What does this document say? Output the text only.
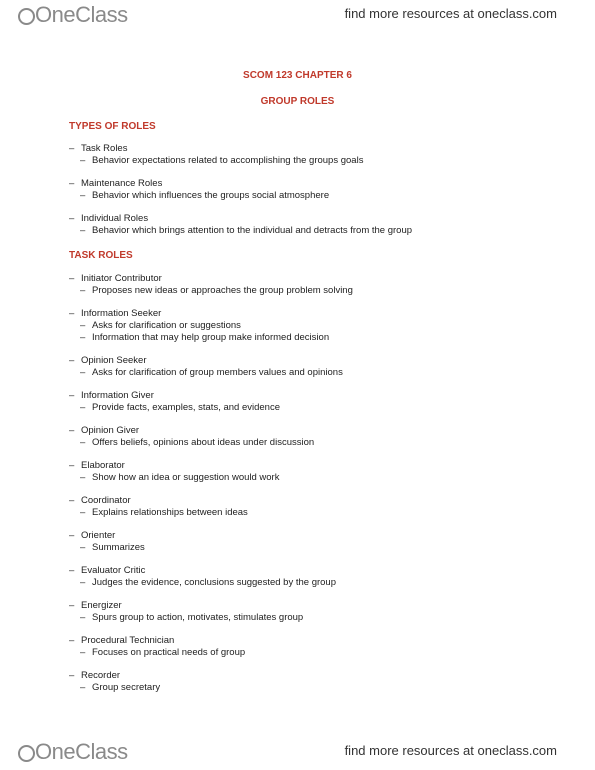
OneClass	find more resources at oneclass.com
SCOM 123 CHAPTER 6
GROUP ROLES
TYPES OF ROLES
– Task Roles
– Behavior expectations related to accomplishing the groups goals
– Maintenance Roles
– Behavior which influences the groups social atmosphere
– Individual Roles
– Behavior which brings attention to the individual and detracts from the group
TASK ROLES
– Initiator Contributor
– Proposes new ideas or approaches the group problem solving
– Information Seeker
– Asks for clarification or suggestions
– Information that may help group make informed decision
– Opinion Seeker
– Asks for clarification of group members values and opinions
– Information Giver
– Provide facts, examples, stats, and evidence
– Opinion Giver
– Offers beliefs, opinions about ideas under discussion
– Elaborator
– Show how an idea or suggestion would work
– Coordinator
– Explains relationships between ideas
– Orienter
– Summarizes
– Evaluator Critic
– Judges the evidence, conclusions suggested by the group
– Energizer
– Spurs group to action, motivates, stimulates group
– Procedural Technician
– Focuses on practical needs of group
– Recorder
– Group secretary
OneClass	find more resources at oneclass.com
